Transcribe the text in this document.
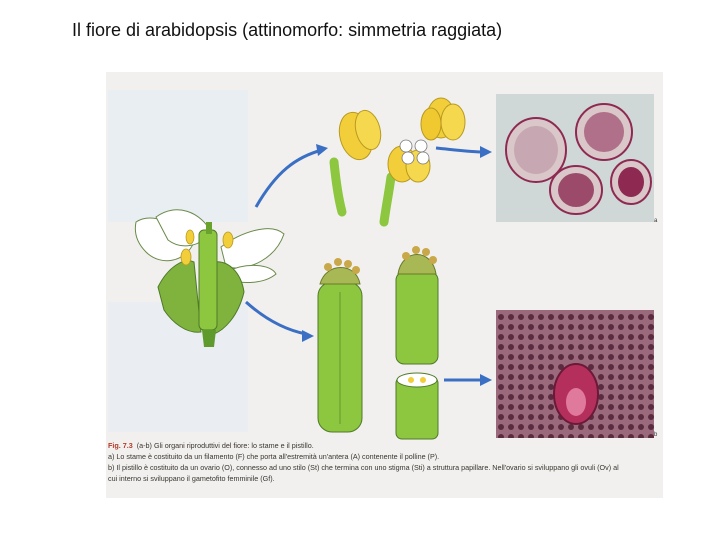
Il fiore di arabidopsis (attinomorfo: simmetria raggiata)
a
b
Fig. 7.3 (a-b) Gli organi riproduttivi del fiore: lo stame e il pistillo.
a) Lo stame è costituito da un filamento (F) che porta all'estremità un'antera (A) contenente il polline (P).
b) Il pistillo è costituito da un ovario (O), connesso ad uno stilo (St) che termina con uno stigma (Sti) a struttura papillare. Nell'ovario si sviluppano gli ovuli (Ov) al
cui interno si sviluppano il gametofito femminile (Gf).
